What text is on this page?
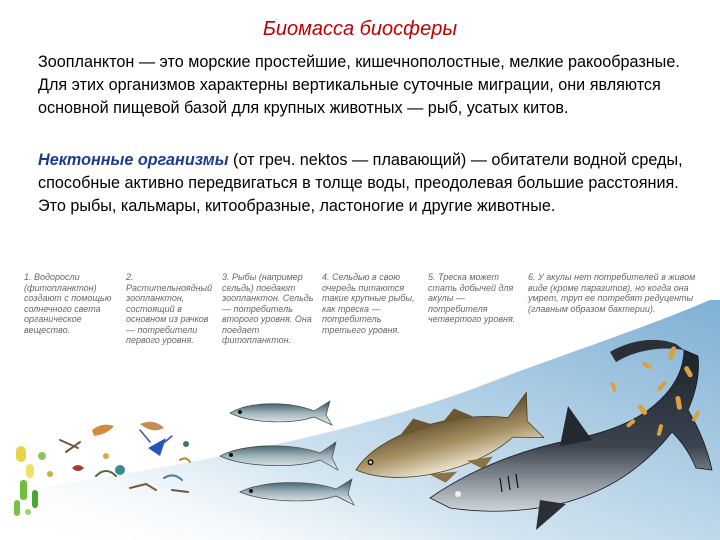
Биомасса биосферы
Зоопланктон — это морские простейшие, кишечнополостные, мелкие ракообразные. Для этих организмов характерны вертикальные суточные миграции, они являются основной пищевой базой для крупных животных — рыб, усатых китов.
Нектонные организмы (от греч. nektos — плавающий) — обитатели водной среды, способные активно передвигаться в толще воды, преодолевая большие расстояния. Это рыбы, кальмары, китообразные, ластоногие и другие животные.
1. Водоросли (фитопланктон) создают с помощью солнечного света органическое вещество.
2. Растительноядный зоопланктон, состоящий в основном из рачков — потребители первого уровня.
3. Рыбы (например сельдь) поедают зоопланктон. Сельдь — потребитель второго уровня. Она поедает фитопланктон.
4. Сельдью в свою очередь питаются такие крупные рыбы, как треска — потребитель третьего уровня.
5. Треска может стать добычей для акулы — потребителя четвертого уровня.
6. У акулы нет потребителей в живом виде (кроме паразитов), но когда она умрет, труп ее потребят редуценты (главным образом бактерии).
